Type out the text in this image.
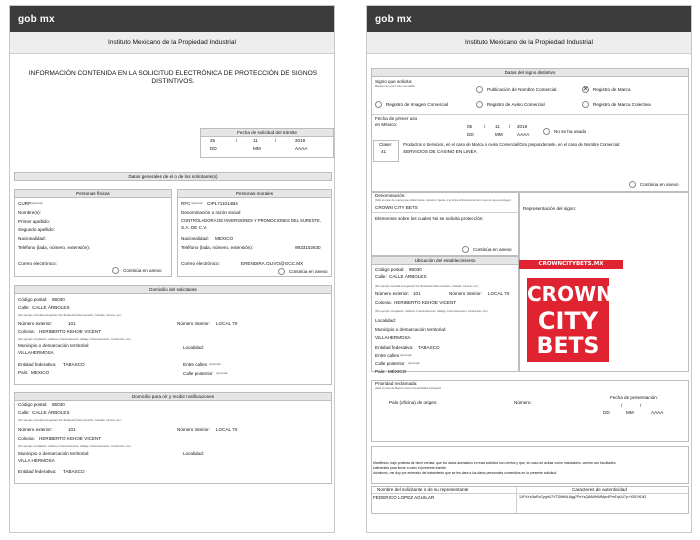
gob mx
Instituto Mexicano de la Propiedad Industrial
INFORMACIÓN CONTENIDA EN LA SOLICITUD ELECTRÓNICA DE PROTECCIÓN DE SIGNOS
DISTINTIVOS.
Fecha de solicitud del trámite
25	/	11	/	2019
DD	MM	AAAA
Datos generales de el o de los solicitante(s)
Personas físicas
CURP (opcional):
Nombre(s):
Primer apellido:
Segundo apellido:
Nacionalidad:
Teléfono (lada, número, extensión):
Correo electrónico:
Continúa en anexo
Personas morales
RFC (opcional): CIPL711014B4
Denominación o razón social:
CONTROLADORA DE INVERSIONES Y PROMOCIONES DEL SURESTE,
S.A. DE C.V.
Nacionalidad: MEXICO
Teléfono (lada, número, extensión):	9933102630
Correo electrónico:	ERENDIRA.OLIVO@GCC.MX
Continúa en anexo
Domicilio del solicitante
Código postal: 86030
Calle: CALLE ÁRBOLES
(Por ejemplo: Avenida Insurgentes Sur, Boulevard Ávila Camacho, Calzada, Camino, etc.)
Número exterior:	101	Número interior: LOCAL 70
Colonia: HERIBERTO KEHOE VICENT
(Por ejemplo: Ampliación, Jardines, Fraccionamiento, Hidalgo, Fraccionamiento, Condominio, etc.)
Municipio o demarcación territorial:	Localidad:
VILLAHERMOSA
Entidad federativa: TABASCO	Entre calles (opcional):
País: MEXICO	Calle posterior (opcional):
Domicilio para oír y recibir notificaciones
Código postal: 86030
Calle: CALLE ÁRBOLES
(Por ejemplo: Avenida Insurgentes Sur, Boulevard Ávila Camacho, Calzada, Camino, etc.)
Número exterior:	101	Número interior: LOCAL 70
Colonia: HERIBERTO KEHOE VICENT
(Por ejemplo: Ampliación, Jardines, Fraccionamiento, Hidalgo, Fraccionamiento, Condominio, etc.)
Municipio o demarcación territorial:	Localidad:
VILLA HERMOSA
Entidad federativa: TABASCO
gob mx
Instituto Mexicano de la Propiedad Industrial
Datos del signo distintivo
Signo que solicita:
Marque con una X sólo una casilla
Publicación de Nombre Comercial	✕ Registro de Marca
Registro de Imagen Comercial	Registro de Aviso Comercial	Registro de Marca Colectiva
Fecha de primer uso
en México:	05	/ 11 / 2019
DD	MM	AAAA
No se ha usado
Clase:
41
Productos o Servicios, en el caso de Marca o Aviso Comercial/Giro preponderante, en el caso de Nombre Comercial:
SERVICIOS DE CASINO EN LINEA
Continúa en anexo
Denominación:
(Sólo en caso de marcas que utilicen letras, números, figuras, o la forma tridimensional con lo que se vaya a proteger)
CROWN CITY BETS
Elementos sobre los cuales No se solicita protección:
Continúa en anexo
Representación del signo:
CROWNCITYBETS.MX
CROWN
CITY
BETS
Ubicación del establecimiento
Código postal: 86030
Calle: CALLE ÁRBOLES
(Por ejemplo: Avenida Insurgentes Sur, Boulevard Ávila Camacho, Calzada, Camino, etc.)
Número exterior: 101	Número interior: LOCAL 70
Colonia: HERIBERTO KEHOE VICENT
(Por ejemplo: Ampliación, Jardines, Fraccionamiento, Hidalgo, Fraccionamiento, Condominio, etc.)
Localidad:
Municipio o demarcación territorial:
VILLAHERMOSA
Entidad federativa: TABASCO
Entre calles (opcional):
Calle posterior (opcional):
País: MÉXICO
Prioridad reclamada:
(Sólo en caso de Marca o Aviso Comercial/del extranjero)
País (oficina) de origen:	Número:
Fecha de presentación:
/	/
DD	MM	AAAA
Manifiesto, bajo protesta de decir verdad, que los datos asentados en esta solicitud son ciertos y que, en caso de actuar como mandatario, cuento con facultades
suficientes para llevar a cabo el presente trámite.
Asimismo, me doy por enterado del tratamiento que se les dará a los datos personales contenidos en la presente solicitud.
Nombre del solicitante o de su representante
FEDERICO LOPEZ AGUILAR
Caracteres de autenticidad
1XFsYs3wRo7ygH47VTDMtNL8qg7PsYsQ8AMHMMpr4PmFqUU7p+XBCHDiG
